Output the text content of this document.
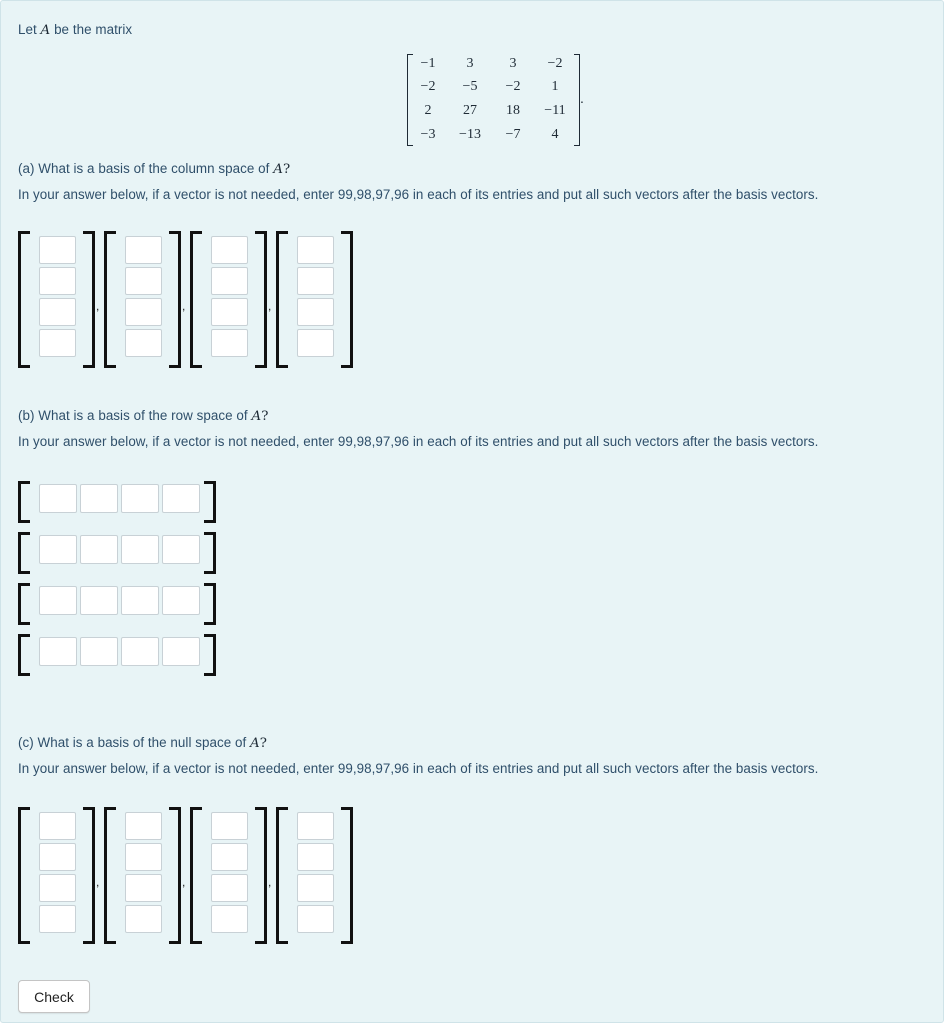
Let A be the matrix
−1	3	3	−2
−2	−5	−2	1
2	27	18	−11
−3	−13	−7	4
.
(a) What is a basis of the column space of A?
In your answer below, if a vector is not needed, enter 99,98,97,96 in each of its entries and put all such vectors after the basis vectors.
(b) What is a basis of the row space of A?
In your answer below, if a vector is not needed, enter 99,98,97,96 in each of its entries and put all such vectors after the basis vectors.
(c) What is a basis of the null space of A?
In your answer below, if a vector is not needed, enter 99,98,97,96 in each of its entries and put all such vectors after the basis vectors.
Check
,	,	,
,	,	,
